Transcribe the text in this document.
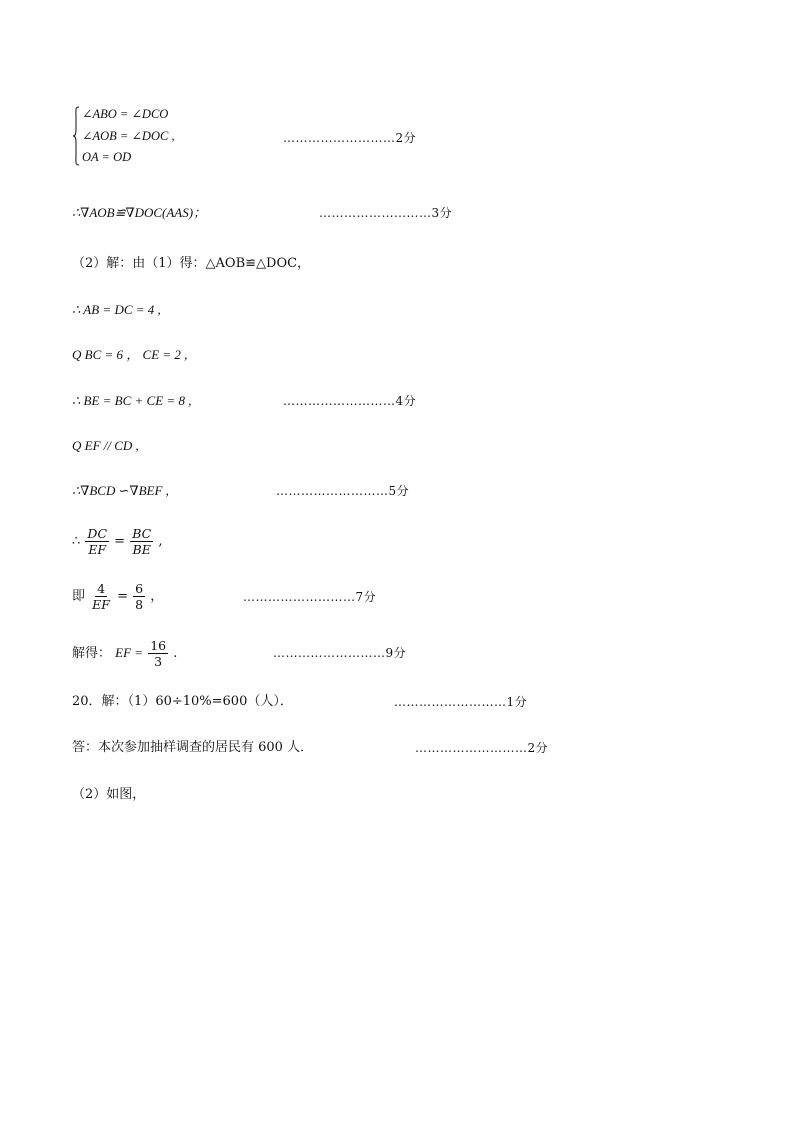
∠ABO = ∠DCO
∠AOB = ∠DOC ,
OA = OD
………………………2分
∴∇AOB≌∇DOC(AAS)；	………………………3分
（2）解：由（1）得：△AOB≌△DOC，
∴ AB = DC = 4 ,
Q BC = 6 ， CE = 2 ,
∴ BE = BC + CE = 8 ,	………………………4分
Q EF // CD ,
∴∇BCD ∽∇BEF ,	………………………5分
∴ $\frac{DC}{EF} = \frac{BC}{BE}$ ,
即 $\frac{4}{EF} = \frac{6}{8}$ ，	………………………7分
解得： EF = $\frac{16}{3}$ .	………………………9分
20．解：（1）60÷10%=600（人）．	………………………1分
答：本次参加抽样调查的居民有 600 人．	………………………2分
（2）如图，
